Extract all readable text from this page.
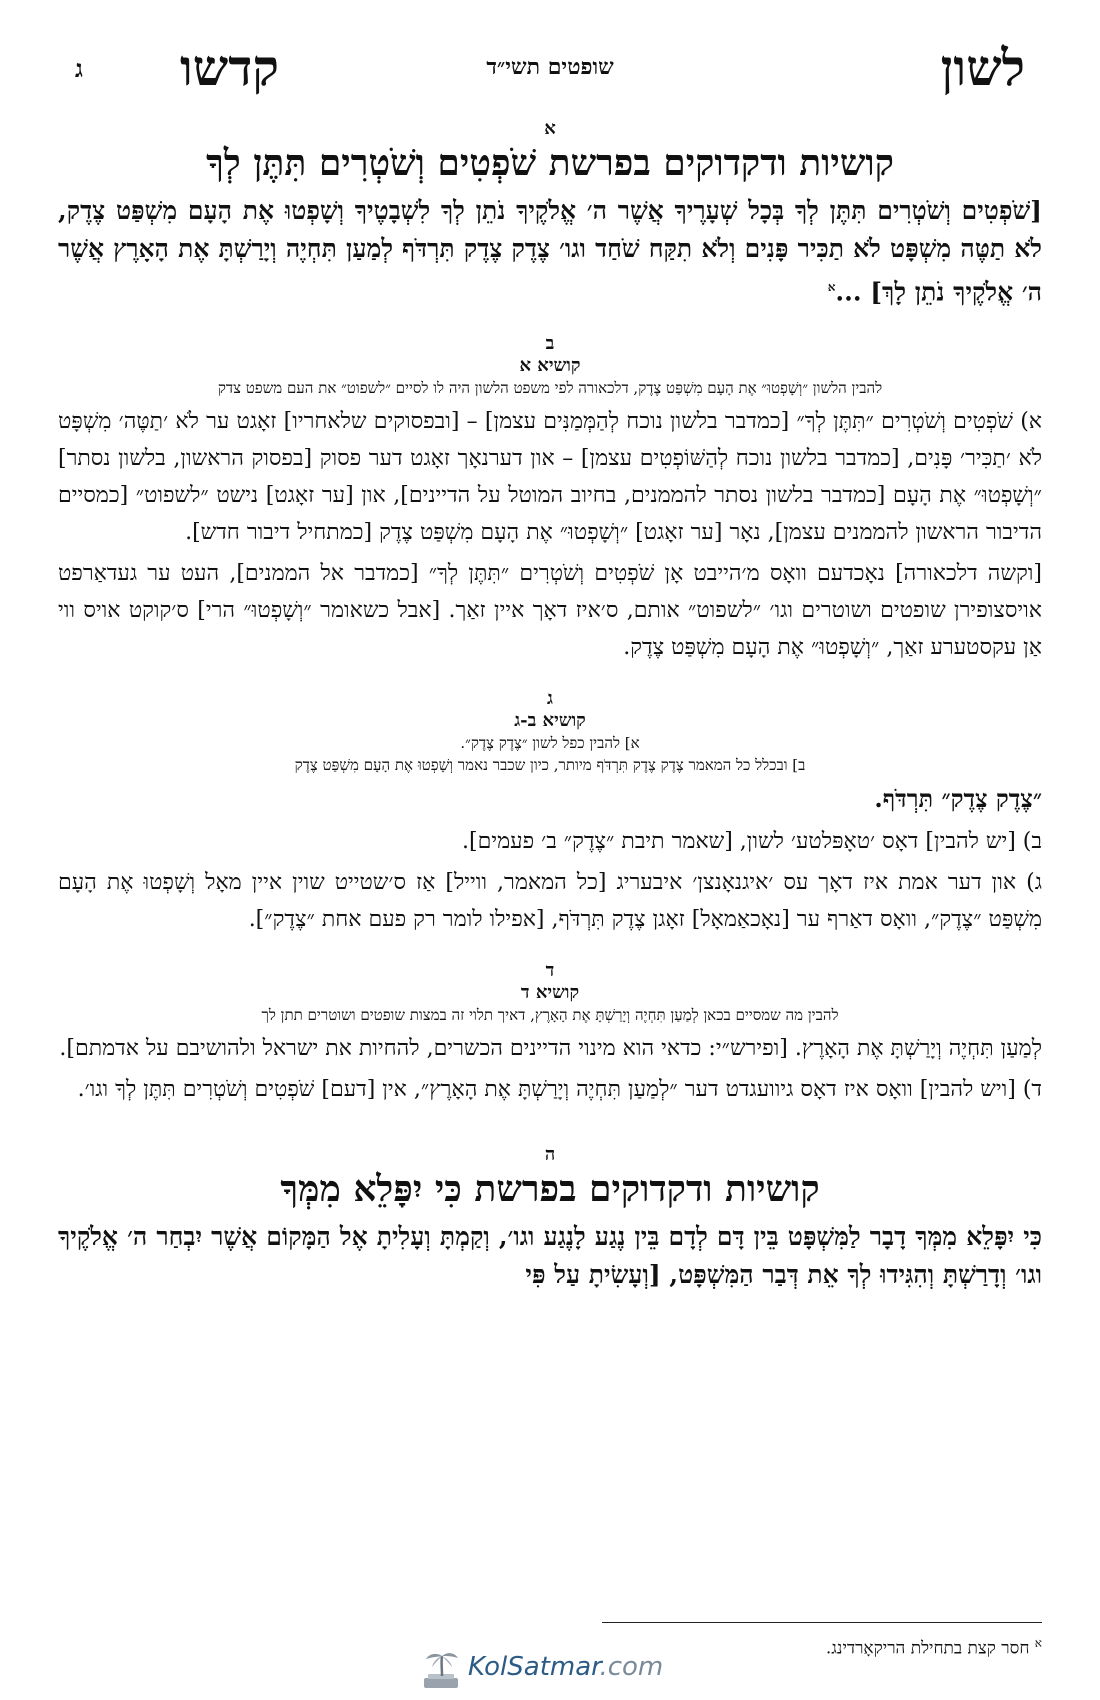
לשון
שופטים תשי״ד
קדשו
ג
א
קושיות ודקדוקים בפרשת שֹׁפְטִים וְשֹׁטְרִים תִּתֶּן לְךָ

[שֹׁפְטִים וְשֹׁטְרִים תִּתֶּן לְךָ בְּכָל שְׁעָרֶיךָ אֲשֶׁר ה׳ אֱלֹקֶיךָ נֹתֵן לְךָ לִשְׁבָטֶיךָ וְשָׁפְטוּ אֶת הָעָם מִשְׁפַּט צֶדֶק, לֹא תַטֶּה מִשְׁפָּט לֹא תַכִּיר פָּנִים וְלֹא תִקַּח שֹׁחַד וגו׳ צֶדֶק צֶדֶק תִּרְדֹּף לְמַעַן תִּחְיֶה וְיָרַשְׁתָּ אֶת הָאָרֶץ אֲשֶׁר ה׳ אֱלֹקֶיךָ נֹתֵן לָךְ] ...$^א$

ב
קושיא א
להבין הלשון ״וְשָׁפְטוּ״ אֶת הָעָם מִשְׁפַּט צֶדֶק, דלכאורה לפי משפט הלשון היה לו לסיים ״לשפוט״ את העם משפט צדק

א) שֹׁפְטִים וְשֹׁטְרִים ״תִּתֶּן לְךָ״ [כמדבר בלשון נוכח לְהַמְּמַנִּים עצמן] – [ובפסוקים שלאחריו] זאָגט ער לֹא ׳תַטֶּה׳ מִשְׁפָּט לֹא ׳תַכִּיר׳ פָּנִים, [כמדבר בלשון נוכח לְהַשּׁוֹפְטִים עצמן] – און דערנאָך זאָגט דער פסוק [בפסוק הראשון, בלשון נסתר] ״וְשָׁפְטוּ״ אֶת הָעָם [כמדבר בלשון נסתר להממנים, בחיוב המוטל על הדיינים], און [ער זאָגט] נישט ״לשפוט״ [כמסיים הדיבור הראשון להממנים עצמן], נאָר [ער זאָגט] ״וְשָׁפְטוּ״ אֶת הָעָם מִשְׁפַּט צֶדֶק [כמתחיל דיבור חדש].

[וקשה דלכאורה] נאָכדעם וואָס מ׳הייבט אָן שֹׁפְטִים וְשֹׁטְרִים ״תִּתֶּן לְךָ״ [כמדבר אל הממנים], העט ער געדאַרפט אויסצופירן שופטים ושוטרים וגו׳ ״לשפוט״ אותם, ס׳איז דאָך איין זאַך. [אבל כשאומר ״וְשָׁפְטוּ״ הרי] ס׳קוקט אויס ווי אַן עקסטערע זאַך, ״וְשָׁפְטוּ״ אֶת הָעָם מִשְׁפַּט צֶדֶק.

ג
קושיא ב-ג
א] להבין כפל לשון ״צֶדֶק צֶדֶק״.
ב] ובכלל כל המאמר צֶדֶק צֶדֶק תִּרְדֹּף מיותר, כיון שכבר נאמר וְשָׁפְטוּ אֶת הָעָם מִשְׁפַּט צֶדֶק

״צֶדֶק צֶדֶק״ תִּרְדֹּף.

ב) [יש להבין] דאָס ׳טאָפּלטע׳ לשון, [שאמר תיבת ״צֶדֶק״ ב׳ פעמים].

ג) און דער אמת איז דאָך עס ׳איגנאָנצן׳ איבעריג [כל המאמר, ווייל] אַז ס׳שטייט שוין איין מאָל וְשָׁפְטוּ אֶת הָעָם מִשְׁפַּט ״צֶדֶק״, וואָס דאַרף ער [נאָכאַמאָל] זאָגן צֶדֶק תִּרְדֹּף, [אפילו לומר רק פעם אחת ״צֶדֶק״].

ד
קושיא ד
להבין מה שמסיים בכאן לְמַעַן תִּחְיֶה וְיָרַשְׁתָּ אֶת הָאָרֶץ, דאיך תלוי זה במצות שופטים ושוטרים תתן לך

לְמַעַן תִּחְיֶה וְיָרַשְׁתָּ אֶת הָאָרֶץ. [ופירש״י: כדאי הוא מינוי הדיינים הכשרים, להחיות את ישראל ולהושיבם על אדמתם].

ד) [ויש להבין] וואָס איז דאָס גיוועגדט דער ״לְמַעַן תִּחְיֶה וְיָרַשְׁתָּ אֶת הָאָרֶץ״, אין [דעם] שֹׁפְטִים וְשֹׁטְרִים תִּתֶּן לְךָ וגו׳.

ה
קושיות ודקדוקים בפרשת כִּי יִפָּלֵא מִמְּךָ

כִּי יִפָּלֵא מִמְּךָ דָבָר לַמִּשְׁפָּט בֵּין דָּם לְדָם בֵּין נֶגַע לָנֶגַע וגו׳, וְקַמְתָּ וְעָלִיתָ אֶל הַמָּקוֹם אֲשֶׁר יִבְחַר ה׳ אֱלֹקֶיךָ וגו׳ וְדָרַשְׁתָּ וְהִגִּידוּ לְךָ אֵת דְּבַר הַמִּשְׁפָּט, [וְעָשִׂיתָ עַל פִּי

$^א$ חסר קצת בתחילת הריקאָרדינג.
KolSatmar.com
